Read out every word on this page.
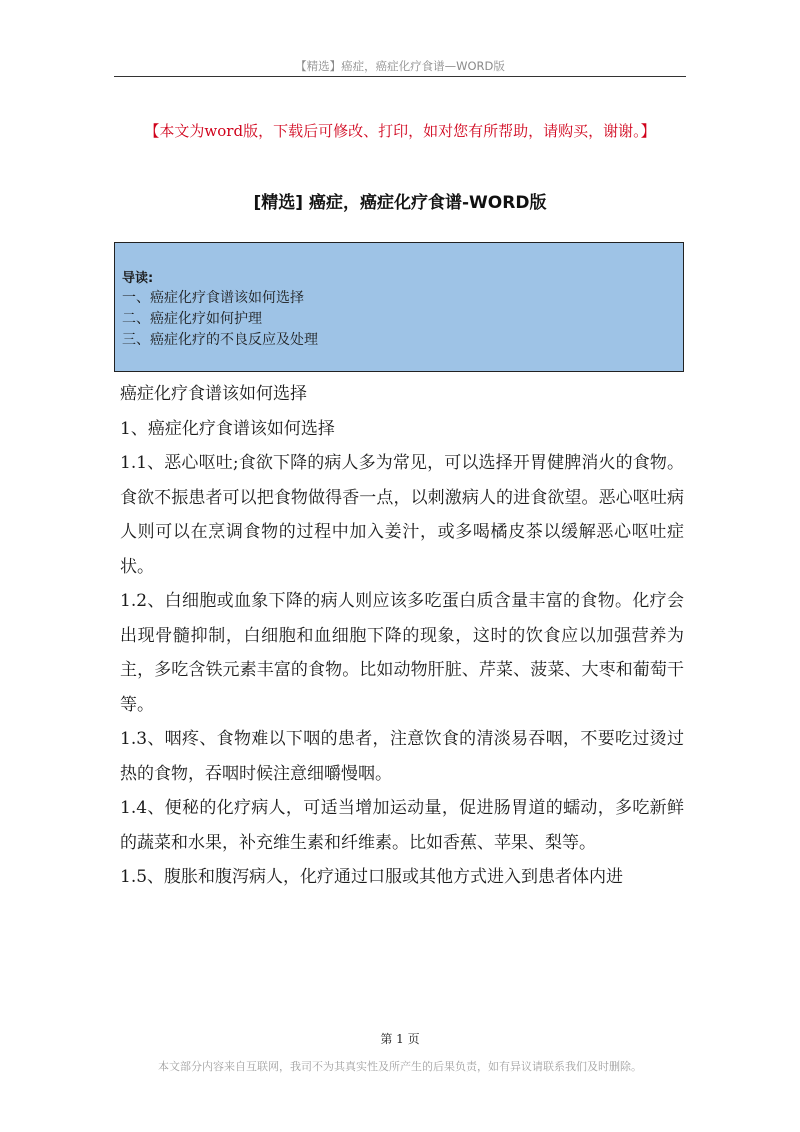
【精选】癌症，癌症化疗食谱—WORD版
【本文为word版，下载后可修改、打印，如对您有所帮助，请购买，谢谢。】
[精选] 癌症，癌症化疗食谱-WORD版
导读:
一、癌症化疗食谱该如何选择
二、癌症化疗如何护理
三、癌症化疗的不良反应及处理

癌症化疗食谱该如何选择

1、癌症化疗食谱该如何选择

1.1、恶心呕吐;食欲下降的病人多为常见，可以选择开胃健脾消火的食物。食欲不振患者可以把食物做得香一点，以刺激病人的进食欲望。恶心呕吐病人则可以在烹调食物的过程中加入姜汁，或多喝橘皮茶以缓解恶心呕吐症状。

1.2、白细胞或血象下降的病人则应该多吃蛋白质含量丰富的食物。化疗会出现骨髓抑制，白细胞和血细胞下降的现象，这时的饮食应以加强营养为主，多吃含铁元素丰富的食物。比如动物肝脏、芹菜、菠菜、大枣和葡萄干等。

1.3、咽疼、食物难以下咽的患者，注意饮食的清淡易吞咽，不要吃过烫过热的食物，吞咽时候注意细嚼慢咽。

1.4、便秘的化疗病人，可适当增加运动量，促进肠胃道的蠕动，多吃新鲜的蔬菜和水果，补充维生素和纤维素。比如香蕉、苹果、梨等。

1.5、腹胀和腹泻病人，化疗通过口服或其他方式进入到患者体内进

第 1 页
本文部分内容来自互联网，我司不为其真实性及所产生的后果负责，如有异议请联系我们及时删除。
